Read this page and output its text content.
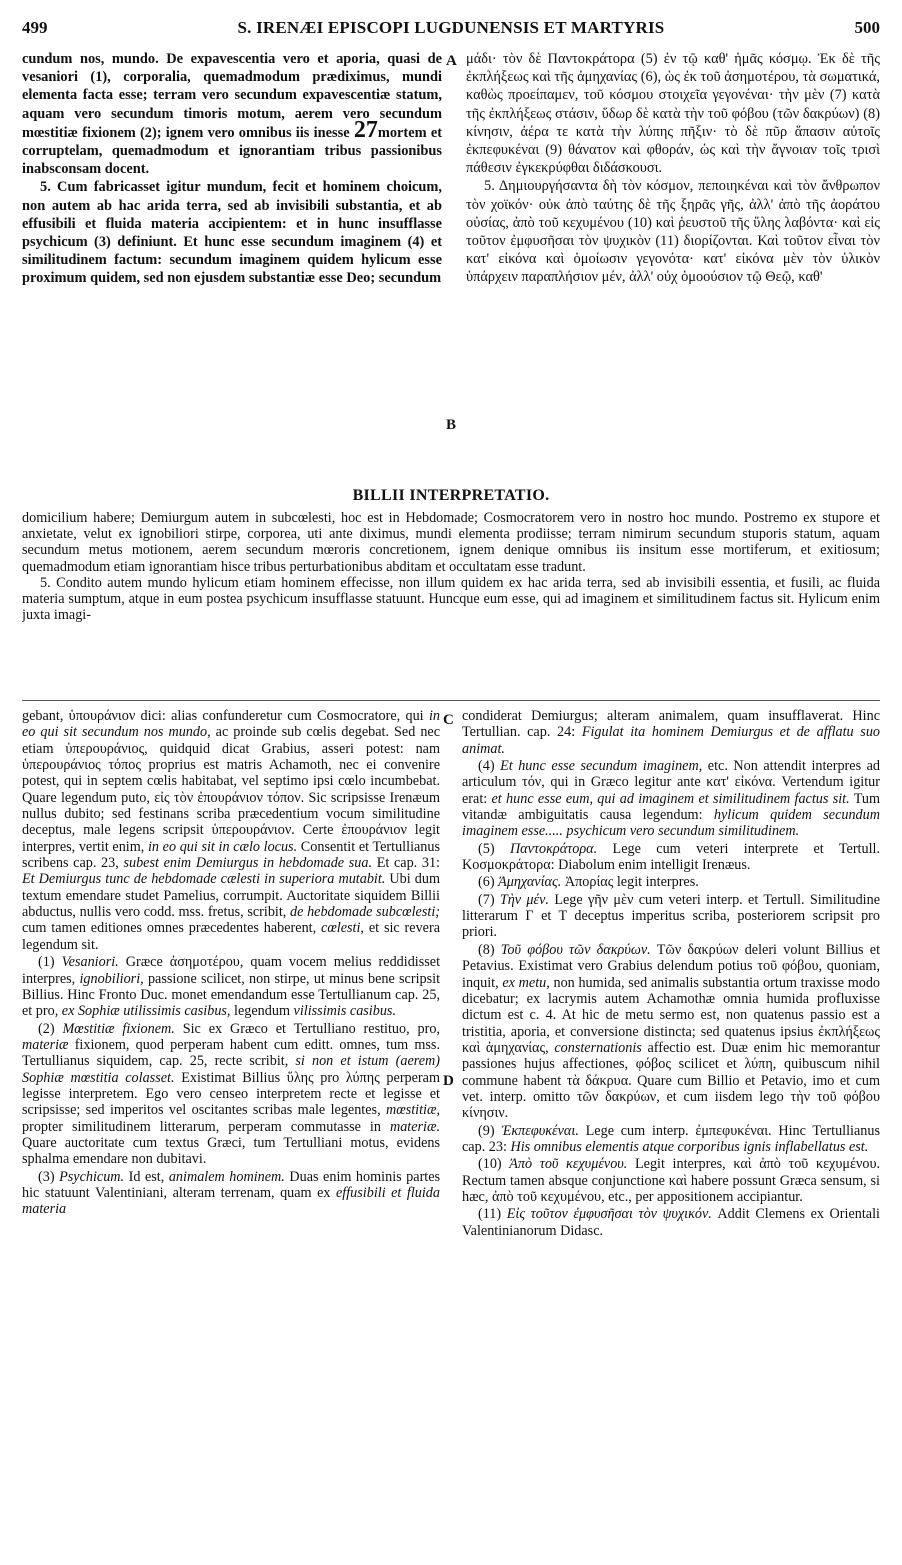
499	S. IRENÆI EPISCOPI LUGDUNENSIS ET MARTYRIS	500

cundum nos, mundo. De expavescentia vero et aporia, quasi de vesaniori (1), corporalia, quemadmodum prædiximus, mundi elementa facta esse; terram vero secundum expavescentiæ statum, aquam vero secundum timoris motum, aerem vero secundum mœstitiæ fixionem (2); ignem vero omnibus iis inesse 27mortem et corruptelam, quemadmodum et ignorantiam tribus passionibus inabsconsam docent.

5. Cum fabricasset igitur mundum, fecit et hominem choicum, non autem ab hac arida terra, sed ab invisibili substantia, et ab effusibili et fluida materia accipientem: et in hunc insufflasse psychicum (3) definiunt. Et hunc esse secundum imaginem (4) et similitudinem factum: secundum imaginem quidem hylicum esse proximum quidem, sed non ejusdem substantiæ esse Deo; secundum

A
B

μάδι· τὸν δὲ Παντοκράτορα (5) ἐν τῷ καθ' ἡμᾶς κόσμῳ. Ἐκ δὲ τῆς ἐκπλήξεως καὶ τῆς ἀμηχανίας (6), ὡς ἐκ τοῦ ἀσημοτέρου, τὰ σωματικά, καθὼς προείπαμεν, τοῦ κόσμου στοιχεῖα γεγονέναι· τὴν μὲν (7) κατὰ τῆς ἐκπλήξεως στάσιν, ὕδωρ δὲ κατὰ τὴν τοῦ φόβου (τῶν δακρύων) (8) κίνησιν, ἀέρα τε κατὰ τὴν λύπης πῆξιν· τὸ δὲ πῦρ ἅπασιν αὐτοῖς ἐκπεφυκέναι (9) θάνατον καὶ φθοράν, ὡς καὶ τὴν ἄγνοιαν τοῖς τρισὶ πάθεσιν ἐγκεκρύφθαι διδάσκουσι.

5. Δημιουργήσαντα δὴ τὸν κόσμον, πεποιηκέναι καὶ τὸν ἄνθρωπον τὸν χοϊκόν· οὐκ ἀπὸ ταύτης δὲ τῆς ξηρᾶς γῆς, ἀλλ' ἀπὸ τῆς ἀοράτου οὐσίας, ἀπὸ τοῦ κεχυμένου (10) καὶ ῥευστοῦ τῆς ὕλης λαβόντα· καὶ εἰς τοῦτον ἐμφυσῆσαι τὸν ψυχικὸν (11) διορίζονται. Καὶ τοῦτον εἶναι τὸν κατ' εἰκόνα καὶ ὁμοίωσιν γεγονότα· κατ' εἰκόνα μὲν τὸν ὑλικὸν ὑπάρχειν παραπλήσιον μέν, ἀλλ' οὐχ ὁμοούσιον τῷ Θεῷ, καθ'

BILLII INTERPRETATIO.

domicilium habere; Demiurgum autem in subcœlesti, hoc est in Hebdomade; Cosmocratorem vero in nostro hoc mundo. Postremo ex stupore et anxietate, velut ex ignobiliori stirpe, corporea, uti ante diximus, mundi elementa prodiisse; terram nimirum secundum stuporis statum, aquam secundum metus motionem, aerem secundum mœroris concretionem, ignem denique omnibus iis insitum esse mortiferum, et exitiosum; quemadmodum etiam ignorantiam hisce tribus perturbationibus abditam et occultatam esse tradunt.

5. Condito autem mundo hylicum etiam hominem effecisse, non illum quidem ex hac arida terra, sed ab invisibili essentia, et fusili, ac fluida materia sumptum, atque in eum postea psychicum insufflasse statuunt. Huncque eum esse, qui ad imaginem et similitudinem factus sit. Hylicum enim juxta imagi-

C
D

gebant, ὑπουράνιον dici: alias confunderetur cum Cosmocratore, qui in eo qui sit secundum nos mundo, ac proinde sub cœlis degebat. Sed nec etiam ὑπερουράνιος, quidquid dicat Grabius, asseri potest: nam ὑπερουράνιος τόπος proprius est matris Achamoth, nec ei convenire potest, qui in septem cœlis habitabat, vel septimo ipsi cœlo incumbebat. Quare legendum puto, εἰς τὸν ἐπουράνιον τόπον. Sic scripsisse Irenæum nullus dubito; sed festinans scriba præcedentium vocum similitudine deceptus, male legens scripsit ὑπερουράνιον. Certe ἐπουράνιον legit interpres, vertit enim, in eo qui sit in cælo locus. Consentit et Tertullianus scribens cap. 23, subest enim Demiurgus in hebdomade sua. Et cap. 31: Et Demiurgus tunc de hebdomade cælesti in superiora mutabit. Ubi dum textum emendare studet Pamelius, corrumpit. Auctoritate siquidem Billii abductus, nullis vero codd. mss. fretus, scribit, de hebdomade subcœlesti; cum tamen editiones omnes præcedentes haberent, cœlesti, et sic revera legendum sit.

(1) Vesaniori. Græce ἀσημοτέρου, quam vocem melius reddidisset interpres, ignobiliori, passione scilicet, non stirpe, ut minus bene scripsit Billius. Hinc Fronto Duc. monet emendandum esse Tertullianum cap. 25, et pro, ex Sophiæ utilissimis casibus, legendum vilissimis casibus.

(2) Mœstitiæ fixionem. Sic ex Græco et Tertulliano restituo, pro, materiæ fixionem, quod perperam habent cum editt. omnes, tum mss. Tertullianus siquidem, cap. 25, recte scribit, si non et istum (aerem) Sophiæ mœstitia colasset. Existimat Billius ὕλης pro λύπης perperam legisse interpretem. Ego vero censeo interpretem recte et legisse et scripsisse; sed imperitos vel oscitantes scribas male legentes, mœstitiæ, propter similitudinem litterarum, perperam commutasse in materiæ. Quare auctoritate cum textus Græci, tum Tertulliani motus, evidens sphalma emendare non dubitavi.

(3) Psychicum. Id est, animalem hominem. Duas enim hominis partes hic statuunt Valentiniani, alteram terrenam, quam ex effusibili et fluida materia

condiderat Demiurgus; alteram animalem, quam insufflaverat. Hinc Tertullian. cap. 24: Figulat ita hominem Demiurgus et de afflatu suo animat.

(4) Et hunc esse secundum imaginem, etc. Non attendit interpres ad articulum τόν, qui in Græco legitur ante κατ' εἰκόνα. Vertendum igitur erat: et hunc esse eum, qui ad imaginem et similitudinem factus sit. Tum vitandæ ambiguitatis causa legendum: hylicum quidem secundum imaginem esse..... psychicum vero secundum similitudinem.

(5) Παντοκράτορα. Lege cum veteri interprete et Tertull. Κοσμοκράτορα: Diabolum enim intelligit Irenæus.

(6) Ἀμηχανίας. Ἀπορίας legit interpres.

(7) Τὴν μέν. Lege γῆν μὲν cum veteri interp. et Tertull. Similitudine litterarum Γ et T deceptus imperitus scriba, posteriorem scripsit pro priori.

(8) Τοῦ φόβου τῶν δακρύων. Τῶν δακρύων deleri volunt Billius et Petavius. Existimat vero Grabius delendum potius τοῦ φόβου, quoniam, inquit, ex metu, non humida, sed animalis substantia ortum traxisse modo dicebatur; ex lacrymis autem Achamothæ omnia humida profluxisse dictum est c. 4. At hic de metu sermo est, non quatenus passio est a tristitia, aporia, et conversione distincta; sed quatenus ipsius ἐκπλήξεως καὶ ἀμηχανίας, consternationis affectio est. Duæ enim hic memorantur passiones hujus affectiones, φόβος scilicet et λύπη, quibuscum nihil commune habent τὰ δάκρυα. Quare cum Billio et Petavio, imo et cum vet. interp. omitto τῶν δακρύων, et cum iisdem lego τὴν τοῦ φόβου κίνησιν.

(9) Ἐκπεφυκέναι. Lege cum interp. ἐμπεφυκέναι. Hinc Tertullianus cap. 23: His omnibus elementis atque corporibus ignis inflabellatus est.

(10) Ἀπὸ τοῦ κεχυμένου. Legit interpres, καὶ ἀπὸ τοῦ κεχυμένου. Rectum tamen absque conjunctione καὶ habere possunt Græca sensum, si hæc, ἀπὸ τοῦ κεχυμένου, etc., per appositionem accipiantur.

(11) Εἰς τοῦτον ἐμφυσῆσαι τὸν ψυχικόν. Addit Clemens ex Orientali Valentinianorum Didasc.
